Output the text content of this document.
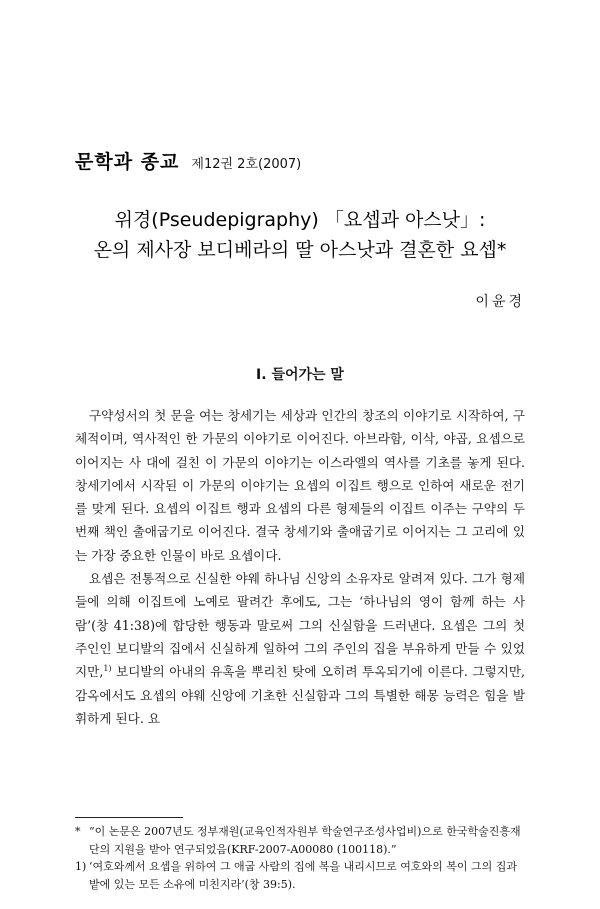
문학과 종교 제12권 2호(2007)
위경(Pseudepigraphy) 「요셉과 아스낫」:
온의 제사장 보디베라의 딸 아스낫과 결혼한 요셉*
이윤경
I. 들어가는 말

구약성서의 첫 문을 여는 창세기는 세상과 인간의 창조의 이야기로 시작하여, 구체적이며, 역사적인 한 가문의 이야기로 이어진다. 아브라함, 이삭, 야곱, 요셉으로 이어지는 사 대에 걸친 이 가문의 이야기는 이스라엘의 역사를 기초를 놓게 된다. 창세기에서 시작된 이 가문의 이야기는 요셉의 이집트 행으로 인하여 새로운 전기를 맞게 된다. 요셉의 이집트 행과 요셉의 다른 형제들의 이집트 이주는 구약의 두 번째 책인 출애굽기로 이어진다. 결국 창세기와 출애굽기로 이어지는 그 고리에 있는 가장 중요한 인물이 바로 요셉이다.

요셉은 전통적으로 신실한 야웨 하나님 신앙의 소유자로 알려져 있다. 그가 형제들에 의해 이집트에 노예로 팔려간 후에도, 그는 ‘하나님의 영이 함께 하는 사람’(창 41:38)에 합당한 행동과 말로써 그의 신실함을 드러낸다. 요셉은 그의 첫 주인인 보디발의 집에서 신실하게 일하여 그의 주인의 집을 부유하게 만들 수 있었지만,$^{1)}$ 보디발의 아내의 유혹을 뿌리친 탓에 오히려 투옥되기에 이른다. 그렇지만, 감옥에서도 요셉의 야웨 신앙에 기초한 신실함과 그의 특별한 해몽 능력은 힘을 발휘하게 된다. 요

* “이 논문은 2007년도 정부재원(교육인적자원부 학술연구조성사업비)으로 한국학술진흥재단의 지원을 받아 연구되었음(KRF-2007-A00080 (100118).”

1) ‘여호와께서 요셉을 위하여 그 애굽 사람의 집에 복을 내리시므로 여호와의 복이 그의 집과 밭에 있는 모든 소유에 미친지라’(창 39:5).
